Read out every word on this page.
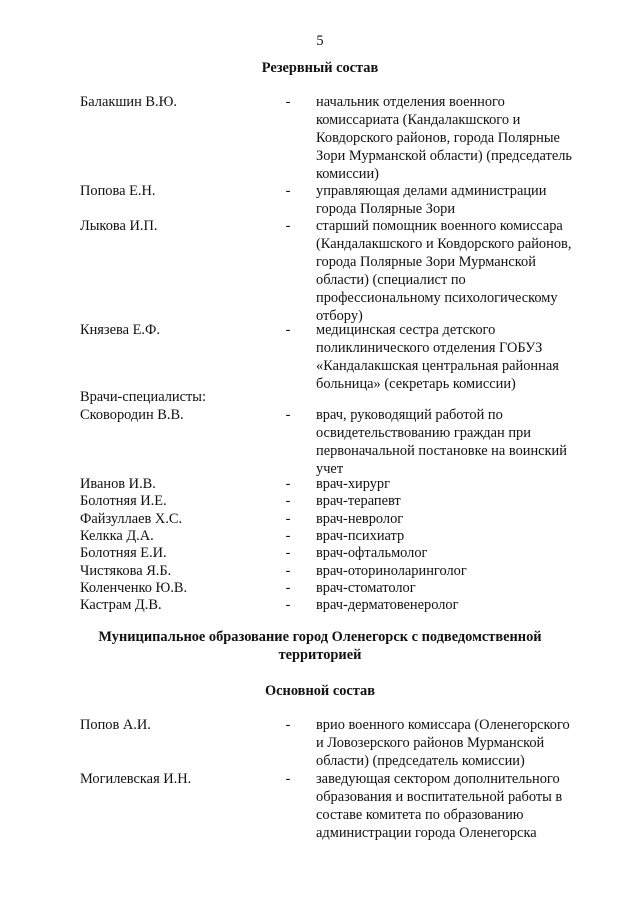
5
Резервный состав
Балакшин В.Ю.	-	начальник отделения военного
комиссариата (Кандалакшского и
Ковдорского районов, города Полярные
Зори Мурманской области) (председатель
комиссии)
Попова Е.Н.	-	управляющая делами администрации
города Полярные Зори
Лыкова И.П.	-	старший помощник военного комиссара
(Кандалакшского и Ковдорского районов,
города Полярные Зори Мурманской
области) (специалист по
профессиональному психологическому
отбору)
Князева Е.Ф.	-	медицинская сестра детского
поликлинического отделения ГОБУЗ
«Кандалакшская центральная районная
больница» (секретарь комиссии)
Врачи-специалисты:
Сковородин В.В.	-	врач, руководящий работой по
освидетельствованию граждан при
первоначальной постановке на воинский
учет
Иванов И.В.	-	врач-хирург
Болотняя И.Е.	-	врач-терапевт
Файзуллаев Х.С.	-	врач-невролог
Келкка Д.А.	-	врач-психиатр
Болотняя Е.И.	-	врач-офтальмолог
Чистякова Я.Б.	-	врач-оториноларинголог
Коленченко Ю.В.	-	врач-стоматолог
Кастрам Д.В.	-	врач-дерматовенеролог
Муниципальное образование город Оленегорск с подведомственной
территорией
Основной состав
Попов А.И.	-	врио военного комиссара (Оленегорского
и Ловозерского районов Мурманской
области) (председатель комиссии)
Могилевская И.Н.	-	заведующая сектором дополнительного
образования и воспитательной работы в
составе комитета по образованию
администрации города Оленегорска
